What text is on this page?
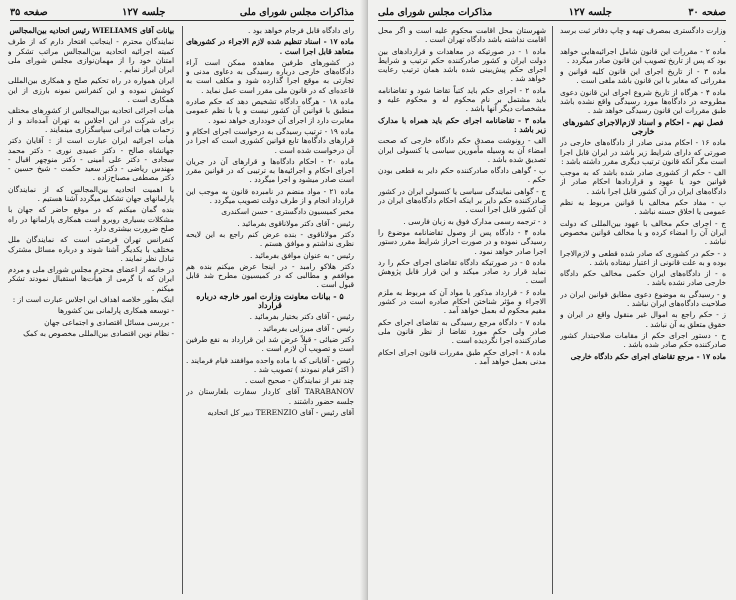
مذاکرات مجلس شورای ملی
جلسه ۱۲۷
صفحه ۳۵

رای دادگاه قابل فرجام خواهد بود .

ماده ۱۷ - اسناد تنظیم شده لازم الاجراء در کشورهای متعاهد قابل اجرا است .

در کشورهای طرفین معاهده ممکن است آراء دادگاه‌های خارجی درباره رسیدگی به دعاوی مدنی و تجارتی به موقع اجرا گذارده شود و مکلف است به قاعده‌ای که در قانون ملی مقرر است عمل نماید .

ماده ۱۸ - هرگاه دادگاه تشخیص دهد که حکم صادره منطبق با قوانین آن کشور نیست و یا با نظم عمومی مغایرت دارد از اجرای آن خودداری خواهد نمود .

ماده ۱۹ - ترتیب رسیدگی به درخواست اجرای احکام و قرارهای دادگاه‌ها تابع قوانین کشوری است که اجرا در آن درخواست شده است .

ماده ۲۰ - احکام دادگاه‌ها و قرارهای آن در جریان اجرای احکام و اجرائیه‌ها به ترتیبی که در قوانین مقرر است صادر میشود و اجرا میگردد .

ماده ۲۱ - مواد منضم در نامبرده قانون به موجب این قرارداد انجام و از طرف دولت تصویب میگردد .

مخبر کمیسیون دادگستری - حسن اسکندری

رئیس - آقای دکتر مولاناقوی بفرمائید .

دکتر مولاناقوی - بنده عرض کنم راجع به این لایحه نظری نداشتم و موافق هستم .

رئیس - به عنوان موافق بفرمائید .

دکتر هلاکو رامبد - در اینجا عرض میکنم بنده هم موافقم و مطالبی که در کمیسیون مطرح شد قابل قبول است .

۵ - بیانات معاونت وزارت امور خارجه درباره قرارداد

رئیس - آقای دکتر بختیار بفرمائید .

رئیس - آقای میرزایی بفرمائید .

دکتر ضیائی - قبلاً عرض شد این قرارداد به نفع طرفین است و تصویب آن لازم است .

رئیس - آقایانی که با ماده واحده موافقند قیام فرمایند . ( اکثر قیام نمودند ) تصویب شد .

چند نفر از نمایندگان - صحیح است .

TARABANOV آقای کاردار سفارت بلغارستان در جلسه حضور داشتند .

آقای رئیس - آقای TERENZIO دبیر کل اتحادیه

بیانات آقای WIELIAMS رئیس اتحادیه بین‌المجالس

نمایندگان محترم - اینجانب افتخار دارم که از طرف کمیته اجرائیه اتحادیه بین‌المجالس مراتب تشکر و امتنان خود را از مهمان‌نوازی مجلس شورای ملی ایران ابراز نمایم .

ایران همواره در راه تحکیم صلح و همکاری بین‌المللی کوشش نموده و این کنفرانس نمونه بارزی از این همکاری است .

هیأت اجرائی اتحادیه بین‌المجالس از کشورهای مختلف برای شرکت در این اجلاس به تهران آمده‌اند و از زحمات هیأت ایرانی سپاسگزاری مینمایند .

هیأت اجرائیه ایران عبارت است از : آقایان دکتر جهانشاه صالح - دکتر عمیدی نوری - دکتر محمد سجادی - دکتر علی امینی - دکتر منوچهر اقبال - مهندس ریاضی - دکتر سعید حکمت - شیخ حسین - دکتر مصطفی مصباح‌زاده .

با اهمیت اتحادیه بین‌المجالس که از نمایندگان پارلمانهای جهان تشکیل میگردد آشنا هستیم .

بنده گمان میکنم که در موقع حاضر که جهان با مشکلات بسیاری روبرو است همکاری پارلمانها در راه صلح ضرورت بیشتری دارد .

کنفرانس تهران فرصتی است که نمایندگان ملل مختلف با یکدیگر آشنا شوند و درباره مسائل مشترک تبادل نظر نمایند .

در خاتمه از اعضای محترم مجلس شورای ملی و مردم ایران که با گرمی از هیأت‌ها استقبال نمودند تشکر میکنم .

اینک بطور خلاصه اهداف این اجلاس عبارت است از :

- توسعه همکاری پارلمانی بین کشورها

- بررسی مسائل اقتصادی و اجتماعی جهان

- نظام نوین اقتصادی بین‌المللی مخصوص به کمک

صفحه ۳۰
جلسه ۱۲۷
مذاکرات مجلس شورای ملی

وزارت دادگستری بمصرف تهیه و چاپ دفاتر ثبت برسد .

ماده ۲ - مقررات این قانون شامل اجرائیه‌هایی خواهد بود که پس از تاریخ تصویب این قانون صادر میگردد .

ماده ۳ - از تاریخ اجرای این قانون کلیه قوانین و مقرراتی که مغایر با این قانون باشد ملغی است .

ماده ۴ - هرگاه از تاریخ شروع اجرای این قانون دعوی مطروحه در دادگاه‌ها مورد رسیدگی واقع نشده باشد طبق مقررات این قانون رسیدگی خواهد شد .

فصل نهم - احکام و اسناد لازم‌الاجرای کشورهای خارجی

ماده ۱۶ - احکام مدنی صادر از دادگاه‌های خارجی در صورتی که دارای شرایط زیر باشد در ایران قابل اجرا است مگر آنکه قانون ترتیب دیگری مقرر داشته باشد :

الف - حکم از کشوری صادر شده باشد که به موجب قوانین خود یا عهود و قراردادها احکام صادر از دادگاه‌های ایران در آن کشور قابل اجرا باشد .

ب - مفاد حکم مخالف با قوانین مربوط به نظم عمومی یا اخلاق حسنه نباشد .

ج - اجرای حکم مخالف با عهود بین‌المللی که دولت ایران آن را امضاء کرده و یا مخالف قوانین مخصوص نباشد .

د - حکم در کشوری که صادر شده قطعی و لازم‌الاجرا بوده و به علت قانونی از اعتبار نیفتاده باشد .

ه - از دادگاه‌های ایران حکمی مخالف حکم دادگاه خارجی صادر نشده باشد .

و - رسیدگی به موضوع دعوی مطابق قوانین ایران در صلاحیت دادگاه‌های ایران نباشد .

ز - حکم راجع به اموال غیر منقول واقع در ایران و حقوق متعلق به آن نباشد .

ح - دستور اجرای حکم از مقامات صلاحیتدار کشور صادرکننده حکم صادر شده باشد .

ماده ۱۷ - مرجع تقاضای اجرای حکم دادگاه خارجی

شهرستان محل اقامت محکوم علیه است و اگر محل اقامت نداشته باشد دادگاه تهران است .

ماده ۱ - در صورتیکه در معاهدات و قراردادهای بین دولت ایران و کشور صادرکننده حکم ترتیب و شرایط اجرای حکم پیش‌بینی شده باشد همان ترتیب رعایت خواهد شد .

ماده ۲ - اجرای حکم باید کتباً تقاضا شود و تقاضانامه باید مشتمل بر نام محکوم له و محکوم علیه و مشخصات دیگر آنها باشد .

ماده ۳ - تقاضانامه اجرای حکم باید همراه با مدارک زیر باشد :

الف - رونوشت مصدق حکم دادگاه خارجی که صحت امضاء آن به وسیله مأمورین سیاسی یا کنسولی ایران تصدیق شده باشد .

ب - گواهی دادگاه صادرکننده حکم دایر به قطعی بودن حکم .

ج - گواهی نمایندگی سیاسی یا کنسولی ایران در کشور صادرکننده حکم دایر بر اینکه احکام دادگاه‌های ایران در آن کشور قابل اجرا است .

د - ترجمه رسمی مدارک فوق به زبان فارسی .

ماده ۴ - دادگاه پس از وصول تقاضانامه موضوع را رسیدگی نموده و در صورت احراز شرایط مقرر دستور اجرا صادر خواهد نمود .

ماده ۵ - در صورتیکه دادگاه تقاضای اجرای حکم را رد نماید قرار رد صادر میکند و این قرار قابل پژوهش است .

ماده ۶ - قرارداد مذکور یا مواد آن که مربوط به ملزم الاجراء و مؤثر شناختن احکام صادره است در کشور مقیم محکوم له بعمل خواهد آمد .

ماده ۷ - دادگاه مرجع رسیدگی به تقاضای اجرای حکم صادر ولی حکم مورد تقاضا از نظر قانون ملی صادرکننده اجرا نگردیده است .

ماده ۸ - اجرای حکم طبق مقررات قانون اجرای احکام مدنی بعمل خواهد آمد .
